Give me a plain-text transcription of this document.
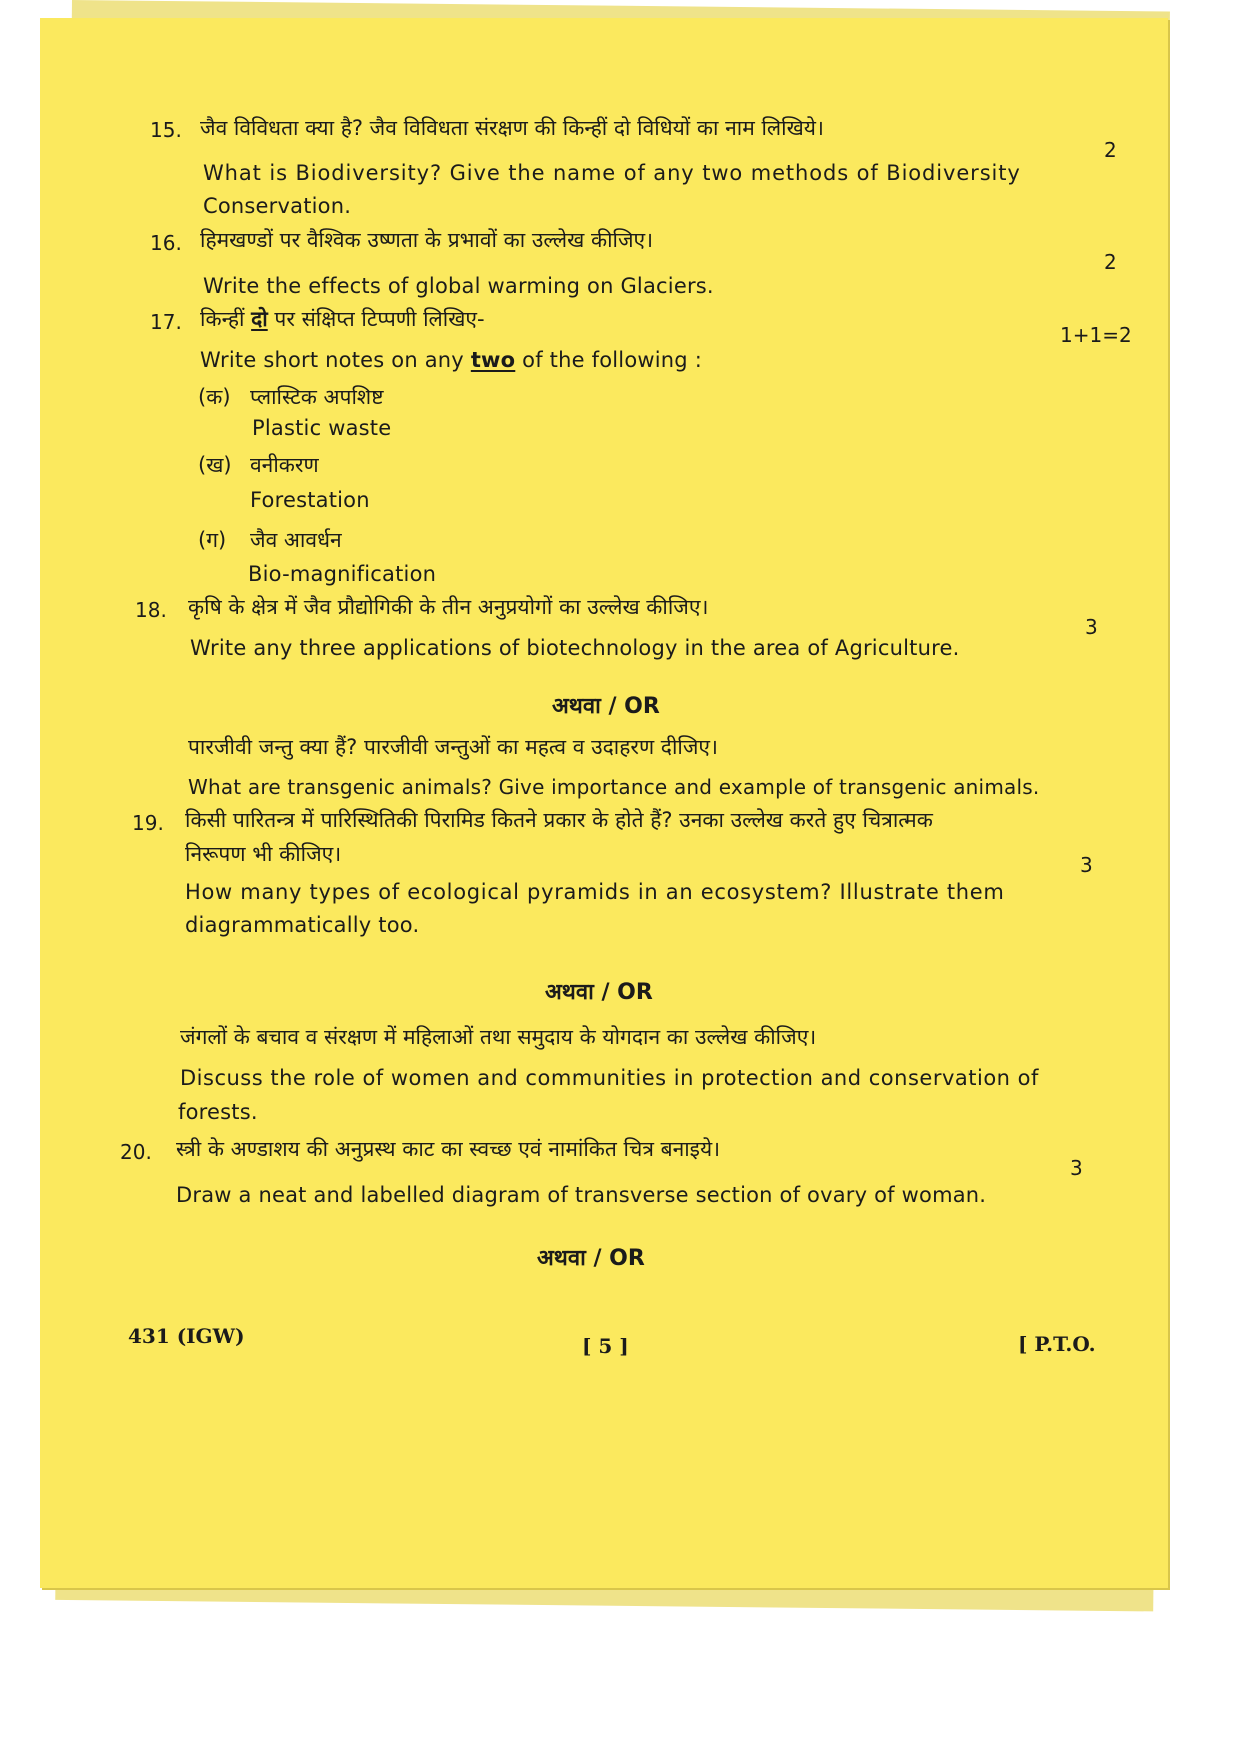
15. जैव विविधता क्या है? जैव विविधता संरक्षण की किन्हीं दो विधियों का नाम लिखिये।
2
What is Biodiversity? Give the name of any two methods of Biodiversity
Conservation.
16. हिमखण्डों पर वैश्विक उष्णता के प्रभावों का उल्लेख कीजिए।
2
Write the effects of global warming on Glaciers.
17. किन्हीं दो पर संक्षिप्त टिप्पणी लिखिए-
Write short notes on any two of the following :
1+1=2
(क) प्लास्टिक अपशिष्ट
Plastic waste
(ख) वनीकरण
Forestation
(ग) जैव आवर्धन
Bio-magnification
18. कृषि के क्षेत्र में जैव प्रौद्योगिकी के तीन अनुप्रयोगों का उल्लेख कीजिए।
3
Write any three applications of biotechnology in the area of Agriculture.
अथवा / OR
पारजीवी जन्तु क्या हैं? पारजीवी जन्तुओं का महत्व व उदाहरण दीजिए।
What are transgenic animals? Give importance and example of transgenic animals.
19. किसी पारितन्त्र में पारिस्थितिकी पिरामिड कितने प्रकार के होते हैं? उनका उल्लेख करते हुए चित्रात्मक
निरूपण भी कीजिए।	3
How many types of ecological pyramids in an ecosystem? Illustrate them
diagrammatically too.
अथवा / OR
जंगलों के बचाव व संरक्षण में महिलाओं तथा समुदाय के योगदान का उल्लेख कीजिए।
Discuss the role of women and communities in protection and conservation of
forests.
20. स्त्री के अण्डाशय की अनुप्रस्थ काट का स्वच्छ एवं नामांकित चित्र बनाइये।
3
Draw a neat and labelled diagram of transverse section of ovary of woman.
अथवा / OR
431 (IGW)	[ 5 ]	[ P.T.O.
